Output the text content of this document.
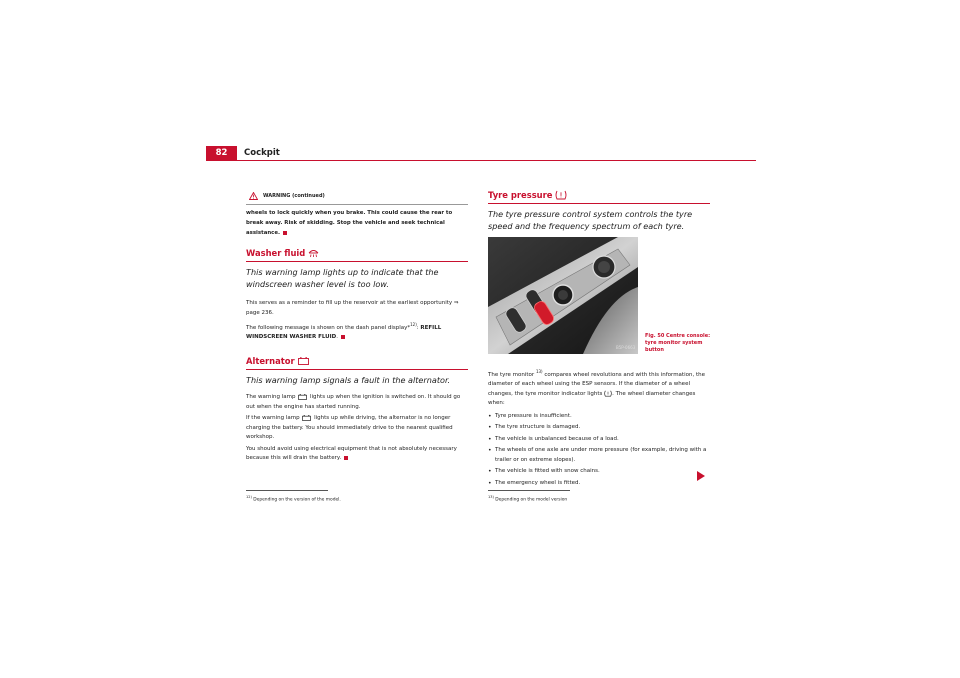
82	Cockpit
WARNING (continued)
wheels to lock quickly when you brake. This could cause the rear to break away. Risk of skidding. Stop the vehicle and seek technical assistance.
Washer fluid
This warning lamp lights up to indicate that the windscreen washer level is too low.

This serves as a reminder to fill up the reservoir at the earliest opportunity ⇒ page 236.

The following message is shown on the dash panel display*$^{12)}$: REFILL WINDSCREEN WASHER FLUID.

Alternator
This warning lamp signals a fault in the alternator.

The warning lamp	lights up when the ignition is switched on. It should go out when the engine has started running.

If the warning lamp	lights up while driving, the alternator is no longer charging the battery. You should immediately drive to the nearest qualified workshop.

You should avoid using electrical equipment that is not absolutely necessary because this will drain the battery.

$^{12)}$ Depending on the version of the model.
Tyre pressure
The tyre pressure control system controls the tyre speed and the frequency spectrum of each tyre.
B5P-0663
Fig. 50 Centre console: tyre monitor system button

The tyre monitor $^{13)}$ compares wheel revolutions and with this information, the diameter of each wheel using the ESP sensors. If the diameter of a wheel changes, the tyre monitor indicator lights . The wheel diameter changes when:

• Tyre pressure is insufficient.
• The tyre structure is damaged.
• The vehicle is unbalanced because of a load.
• The wheels of one axle are under more pressure (for example, driving with a trailer or on extreme slopes).
• The vehicle is fitted with snow chains.
• The emergency wheel is fitted.
$^{13)}$ Depending on the model version
